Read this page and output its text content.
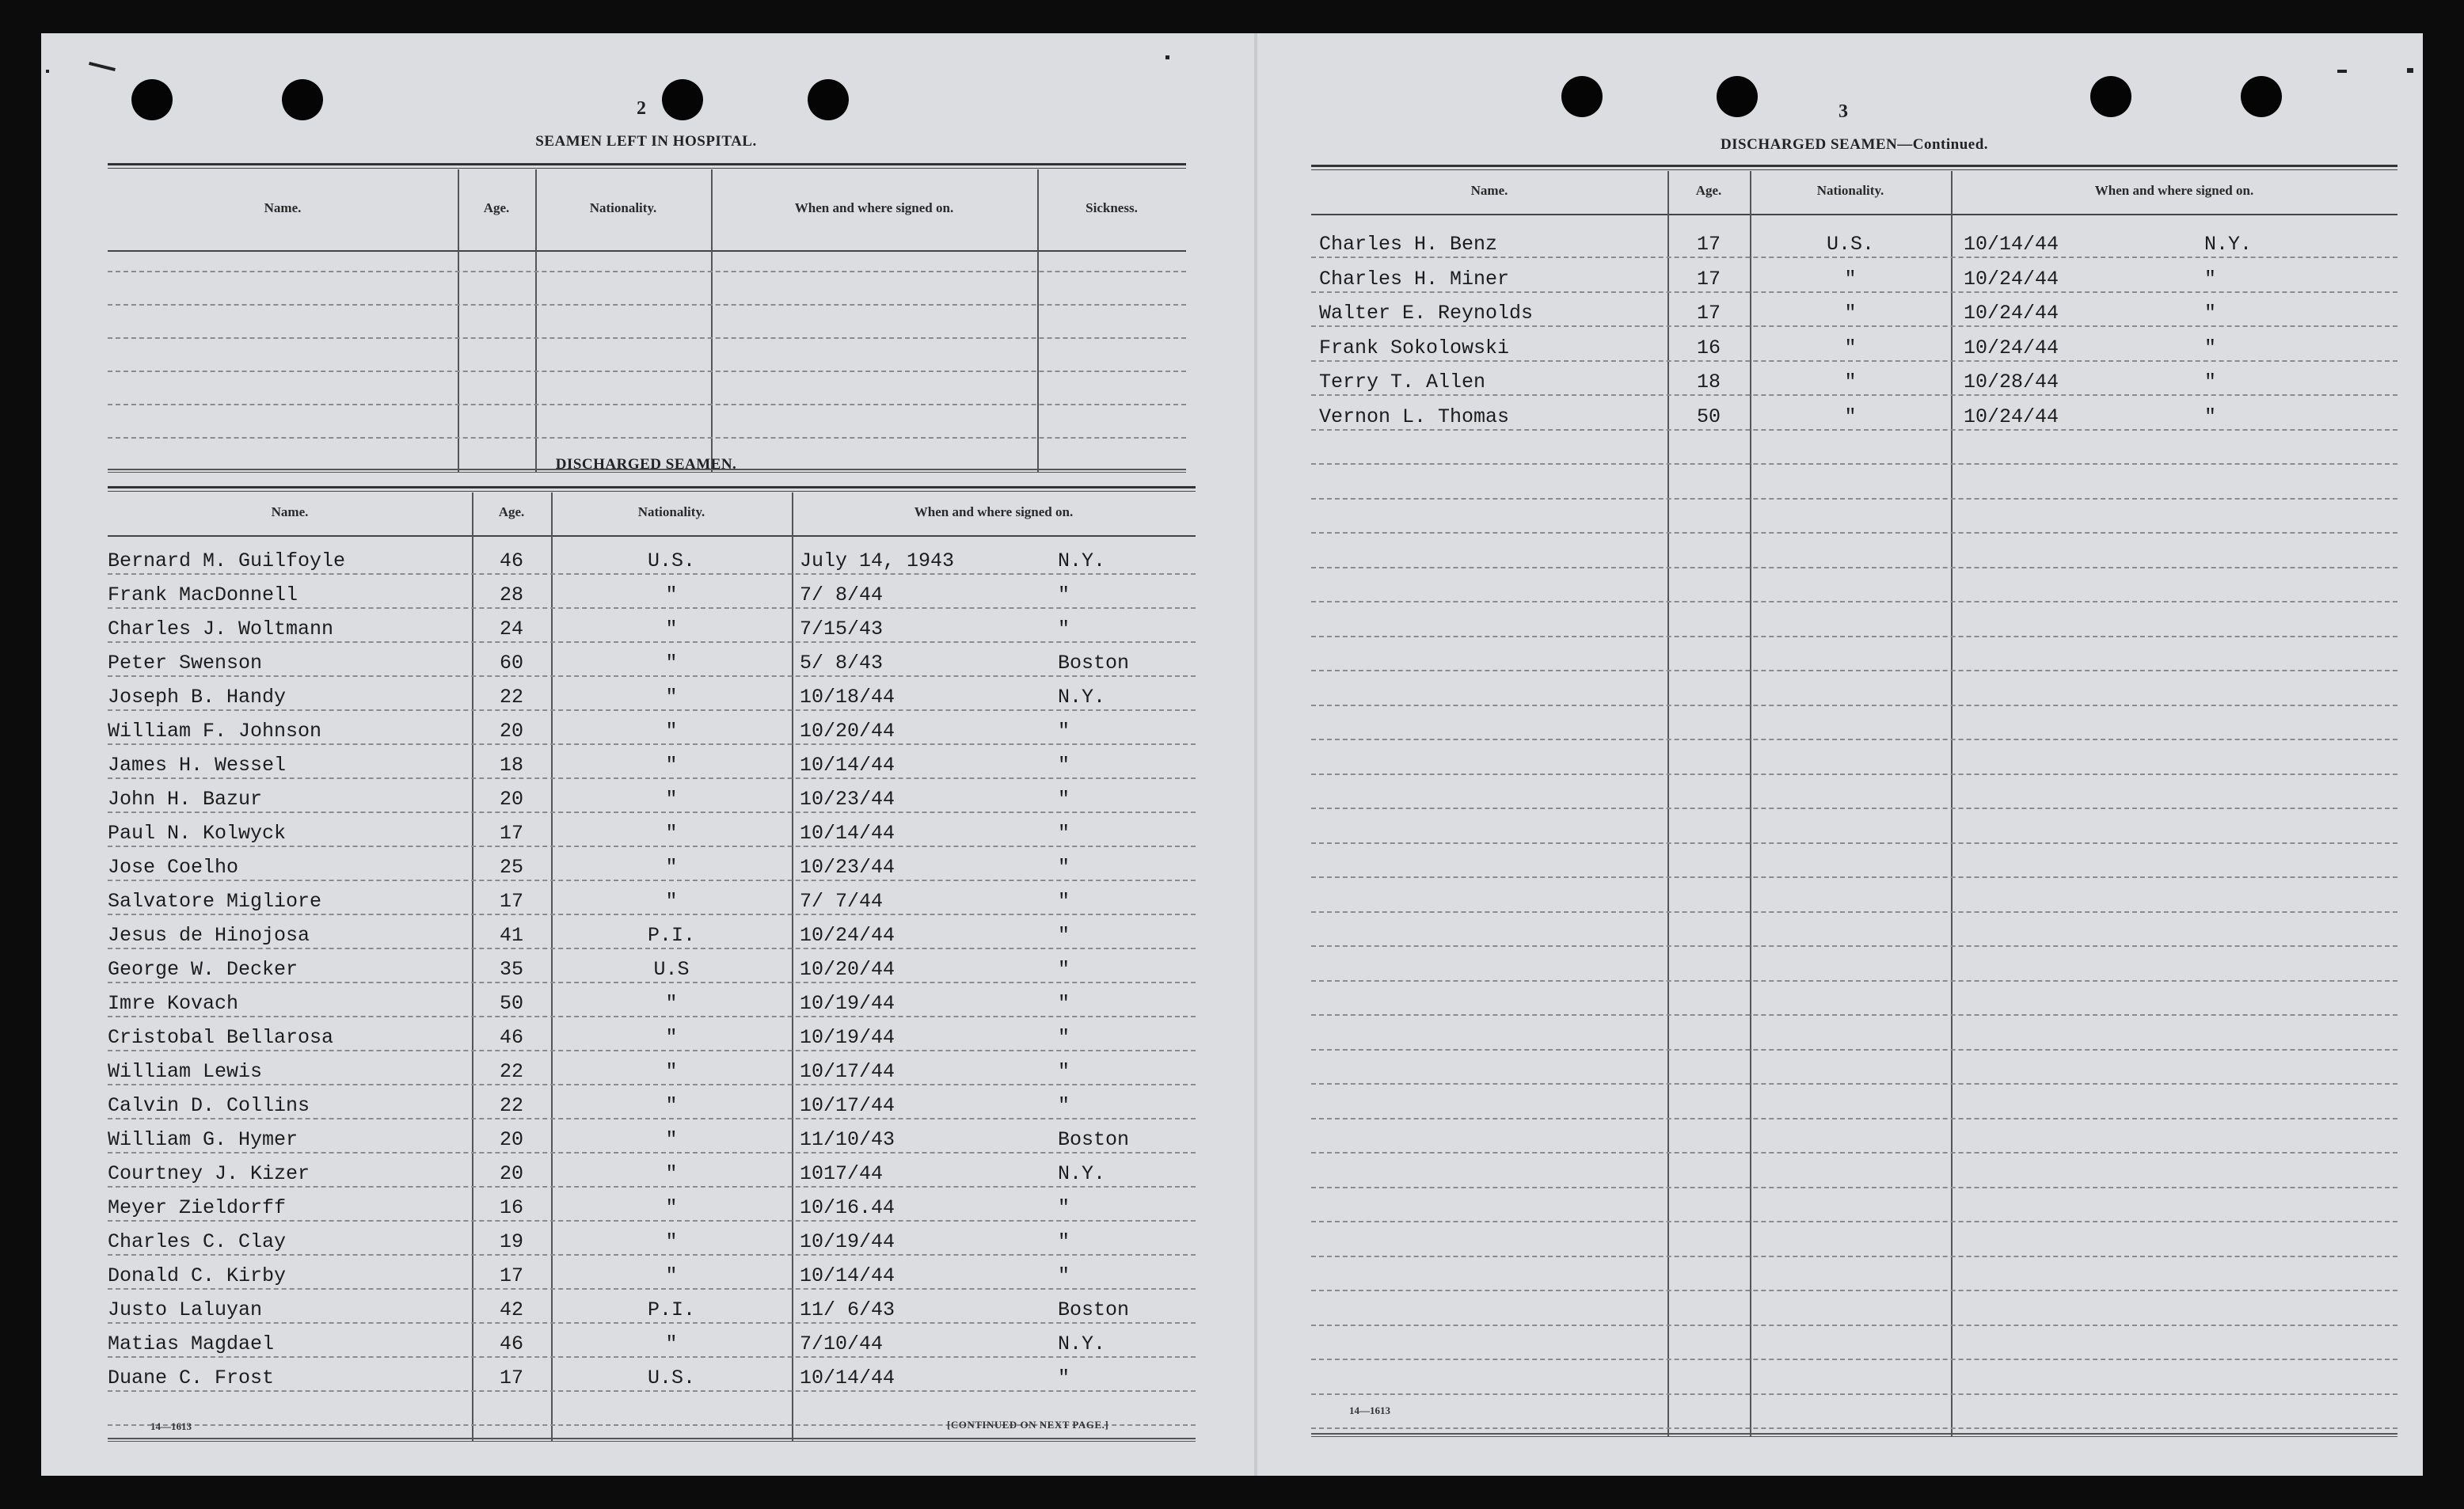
2
SEAMEN LEFT IN HOSPITAL.
Name.	Age.	Nationality.	When and where signed on.	Sickness.
DISCHARGED SEAMEN.
Name.	Age.	Nationality.	When and where signed on.
Bernard M. Guilfoyle	46	U.S.	July 14, 1943	N.Y.
Frank MacDonnell	28	"	7/ 8/44	"
Charles J. Woltmann	24	"	7/15/43	"
Peter Swenson	60	"	5/ 8/43	Boston
Joseph B. Handy	22	"	10/18/44	N.Y.
William F. Johnson	20	"	10/20/44	"
James H. Wessel	18	"	10/14/44	"
John H. Bazur	20	"	10/23/44	"
Paul N. Kolwyck	17	"	10/14/44	"
Jose Coelho	25	"	10/23/44	"
Salvatore Migliore	17	"	7/ 7/44	"
Jesus de Hinojosa	41	P.I.	10/24/44	"
George W. Decker	35	U.S	10/20/44	"
Imre Kovach	50	"	10/19/44	"
Cristobal Bellarosa	46	"	10/19/44	"
William Lewis	22	"	10/17/44	"
Calvin D. Collins	22	"	10/17/44	"
William G. Hymer	20	"	11/10/43	Boston
Courtney J. Kizer	20	"	1017/44	N.Y.
Meyer Zieldorff	16	"	10/16.44	"
Charles C. Clay	19	"	10/19/44	"
Donald C. Kirby	17	"	10/14/44	"
Justo Laluyan	42	P.I.	11/ 6/43	Boston
Matias Magdael	46	"	7/10/44	N.Y.
Duane C. Frost	17	U.S.	10/14/44	"
14—1613	[CONTINUED ON NEXT PAGE.]
3
DISCHARGED SEAMEN—Continued.
Name.	Age.	Nationality.	When and where signed on.
Charles H. Benz	17	U.S.	10/14/44	N.Y.
Charles H. Miner	17	"	10/24/44	"
Walter E. Reynolds	17	"	10/24/44	"
Frank Sokolowski	16	"	10/24/44	"
Terry T. Allen	18	"	10/28/44	"
Vernon L. Thomas	50	"	10/24/44	"
14—1613
